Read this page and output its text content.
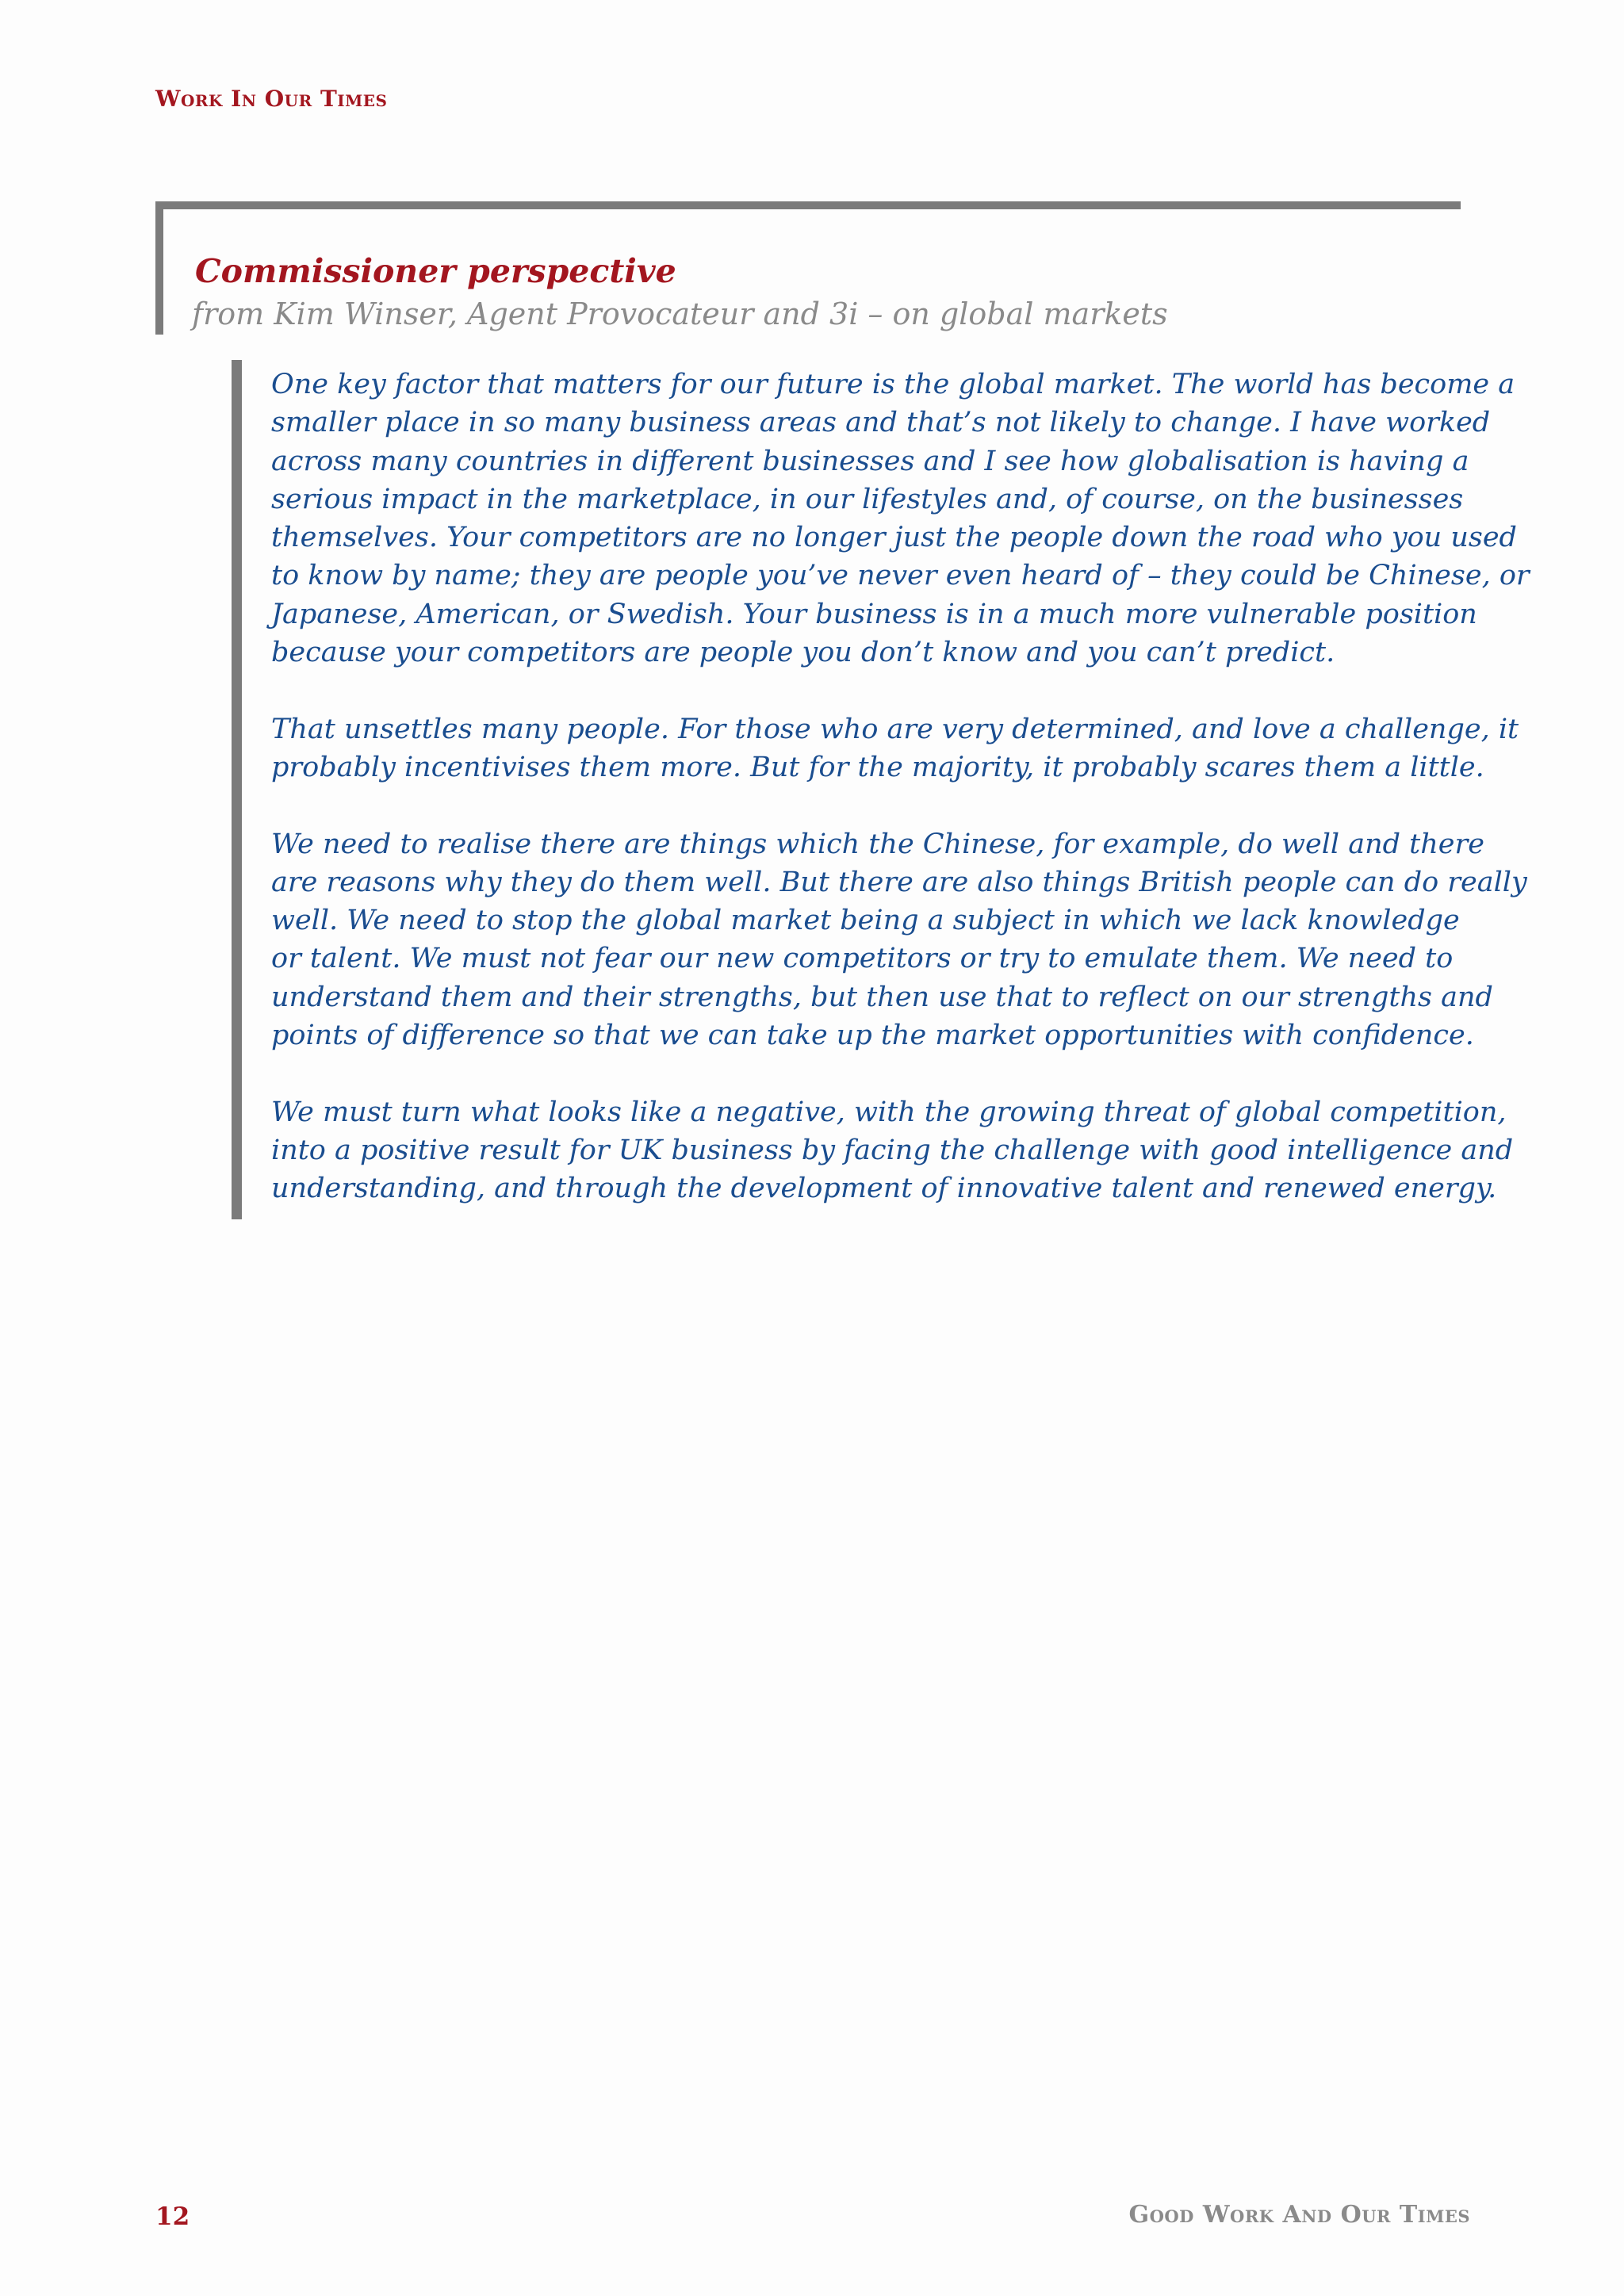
Work In Our Times
Commissioner perspective
from Kim Winser, Agent Provocateur and 3i – on global markets

One key factor that matters for our future is the global market. The world has become a
smaller place in so many business areas and that’s not likely to change. I have worked
across many countries in different businesses and I see how globalisation is having a
serious impact in the marketplace, in our lifestyles and, of course, on the businesses
themselves. Your competitors are no longer just the people down the road who you used
to know by name; they are people you’ve never even heard of – they could be Chinese, or
Japanese, American, or Swedish. Your business is in a much more vulnerable position
because your competitors are people you don’t know and you can’t predict.

That unsettles many people. For those who are very determined, and love a challenge, it
probably incentivises them more. But for the majority, it probably scares them a little.

We need to realise there are things which the Chinese, for example, do well and there
are reasons why they do them well. But there are also things British people can do really
well. We need to stop the global market being a subject in which we lack knowledge
or talent. We must not fear our new competitors or try to emulate them. We need to
understand them and their strengths, but then use that to reflect on our strengths and
points of difference so that we can take up the market opportunities with confidence.

We must turn what looks like a negative, with the growing threat of global competition,
into a positive result for UK business by facing the challenge with good intelligence and
understanding, and through the development of innovative talent and renewed energy.

12	Good Work And Our Times
